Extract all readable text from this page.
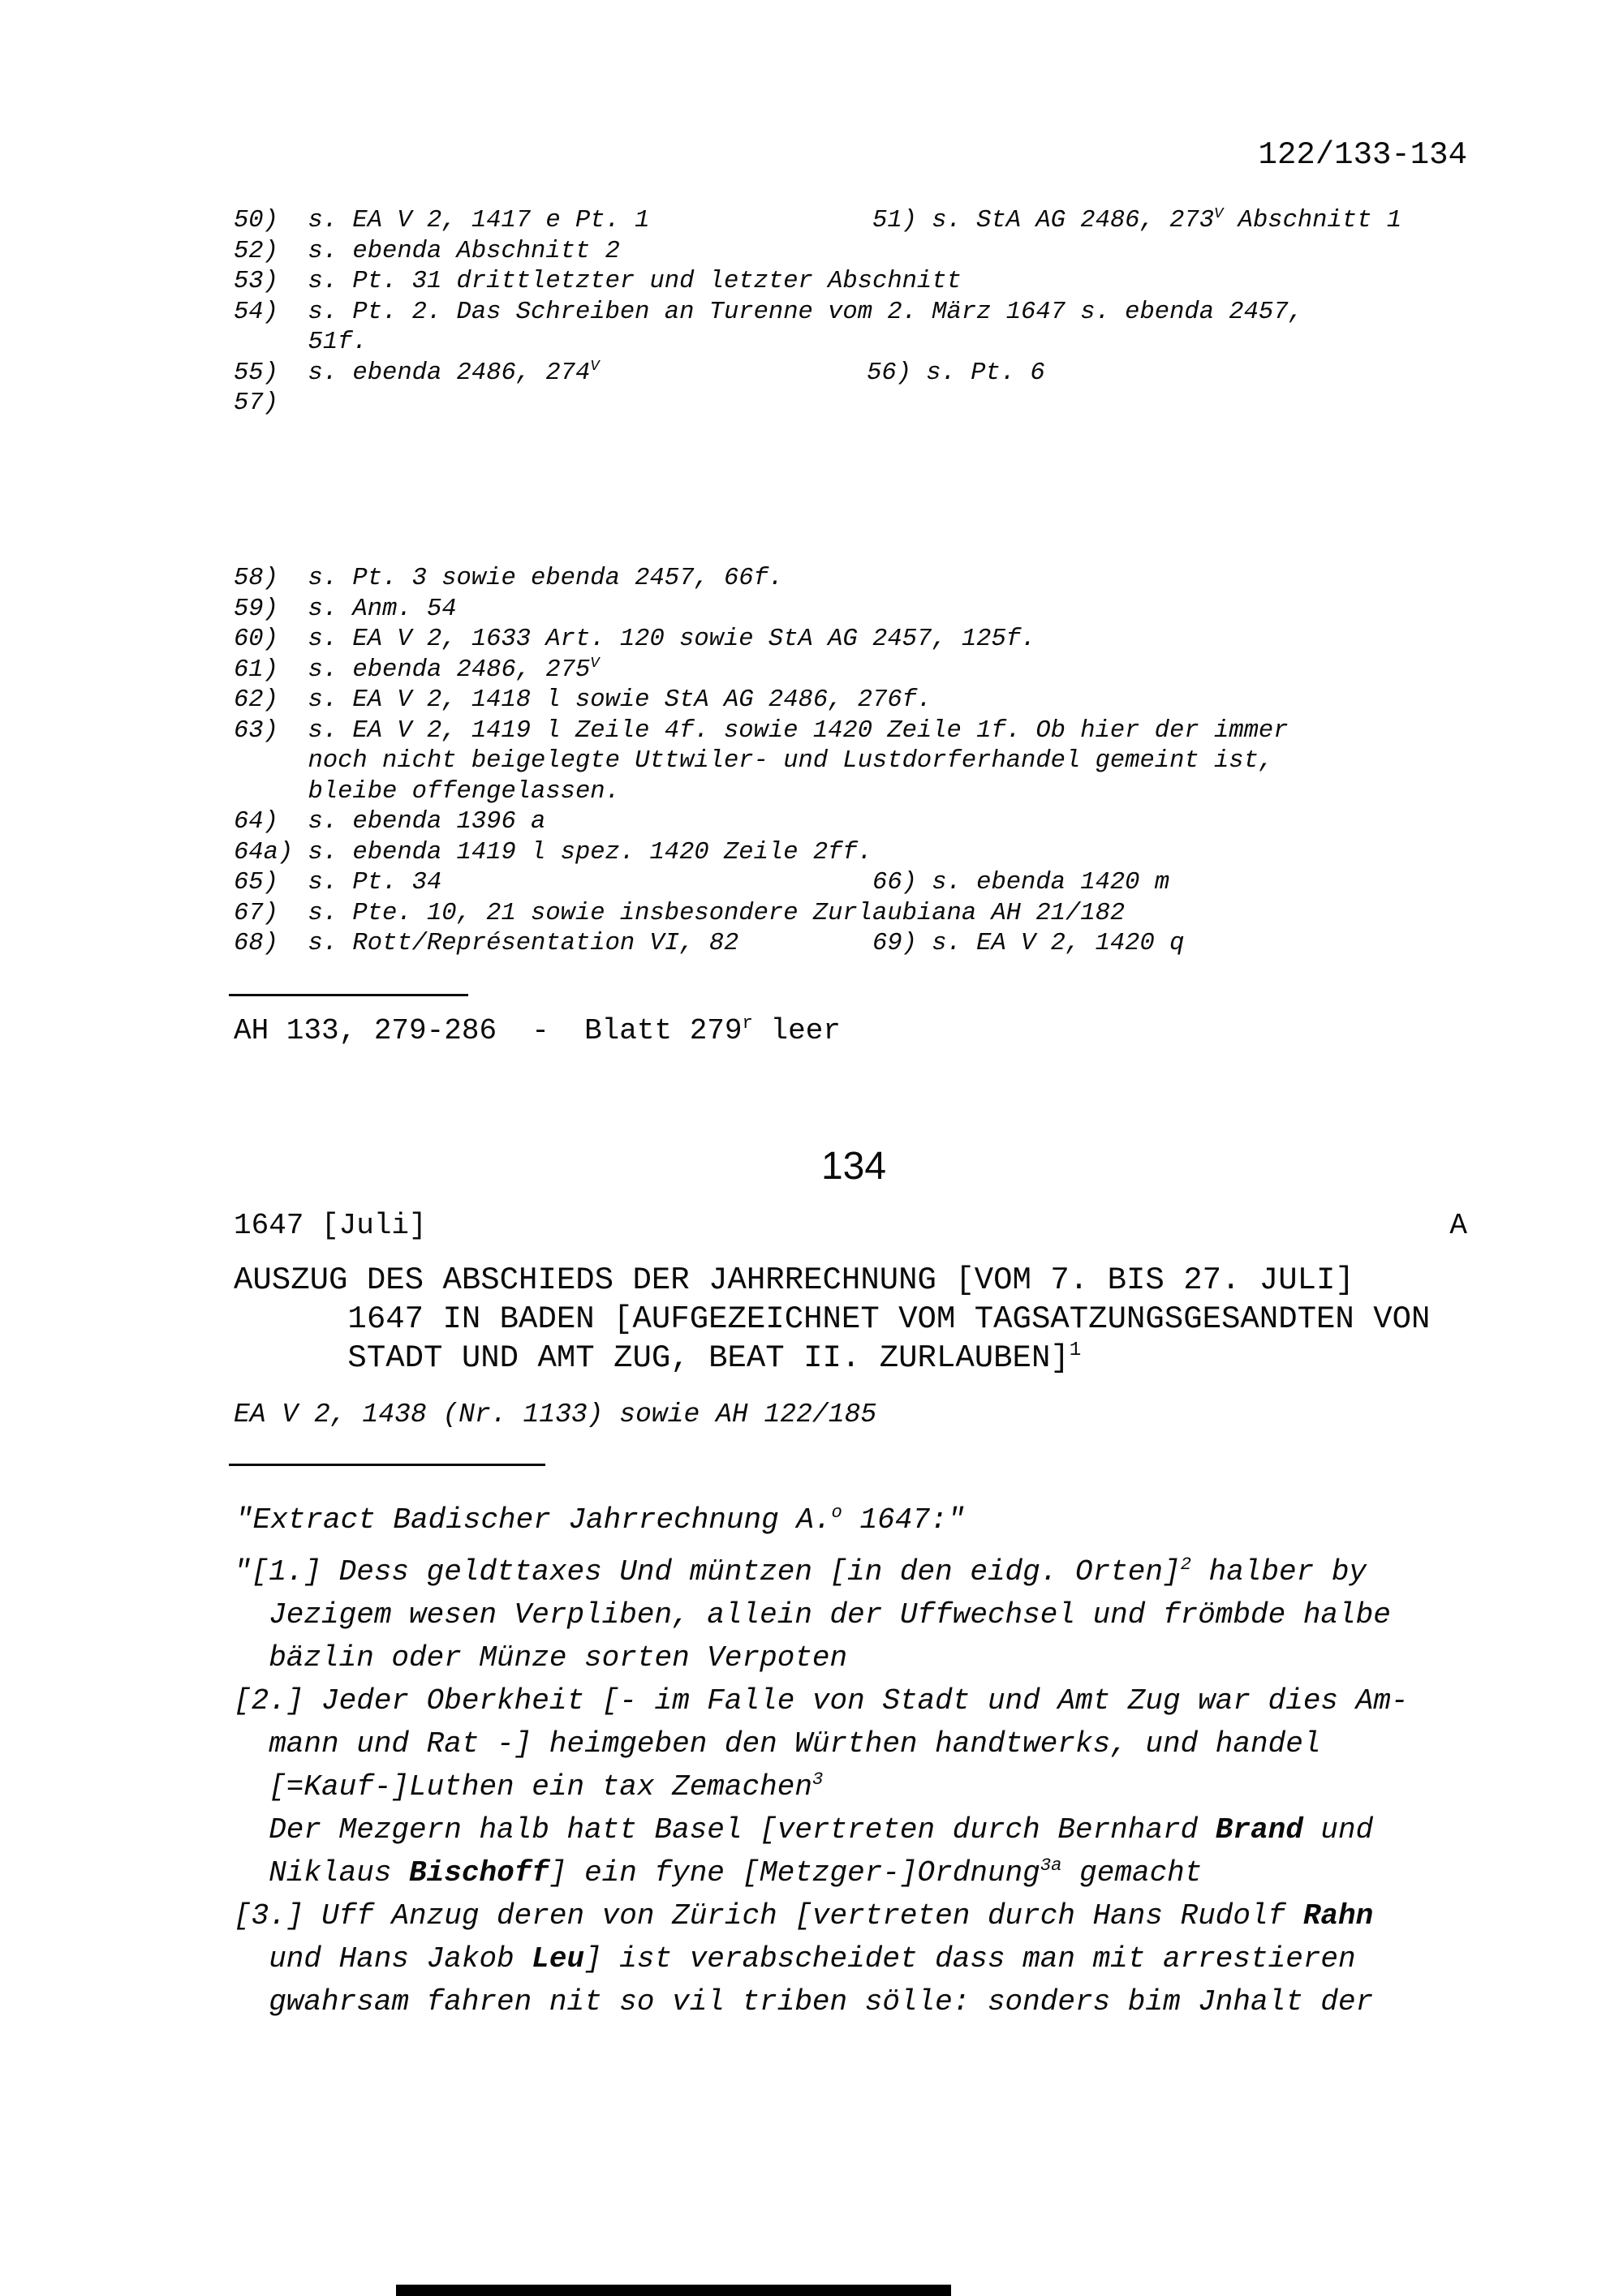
122/133-134
50)  s. EA V 2, 1417 e Pt. 1               51) s. StA AG 2486, $273^V$ Abschnitt 1
52)  s. ebenda Abschnitt 2
53)  s. Pt. 31 drittletzter und letzter Abschnitt
54)  s. Pt. 2. Das Schreiben an Turenne vom 2. März 1647 s. ebenda 2457,
51f.
55)  s. ebenda 2486, $274^V$                  56) s. Pt. 6
57)
58)  s. Pt. 3 sowie ebenda 2457, 66f.
59)  s. Anm. 54
60)  s. EA V 2, 1633 Art. 120 sowie StA AG 2457, 125f.
61)  s. ebenda 2486, $275^V$
62)  s. EA V 2, 1418 l sowie StA AG 2486, 276f.
63)  s. EA V 2, 1419 l Zeile 4f. sowie 1420 Zeile 1f. Ob hier der immer
noch nicht beigelegte Uttwiler- und Lustdorferhandel gemeint ist,
bleibe offengelassen.
64)  s. ebenda 1396 a
64a) s. ebenda 1419 l spez. 1420 Zeile 2ff.
65)  s. Pt. 34                             66) s. ebenda 1420 m
67)  s. Pte. 10, 21 sowie insbesondere Zurlaubiana AH 21/182
68)  s. Rott/Représentation VI, 82         69) s. EA V 2, 1420 q
AH 133, 279-286  -  Blatt 279$^r$ leer
134
1647 [Juli]	A
AUSZUG DES ABSCHIEDS DER JAHRRECHNUNG [VOM 7. BIS 27. JULI]
1647 IN BADEN [AUFGEZEICHNET VOM TAGSATZUNGSGESANDTEN VON
STADT UND AMT ZUG, BEAT II. ZURLAUBEN]$^1$
EA V 2, 1438 (Nr. 1133) sowie AH 122/185
"Extract Badischer Jahrrechnung A.$^o$ 1647:"
"[1.] Dess geldttaxes Und müntzen [in den eidg. Orten]$^2$ halber by
Jezigem wesen Verpliben, allein der Uffwechsel und frömbde halbe
bäzlin oder Münze sorten Verpoten
[2.] Jeder Oberkheit [- im Falle von Stadt und Amt Zug war dies Am-
mann und Rat -] heimgeben den Würthen handtwerks, und handel
[=Kauf-]Luthen ein tax Zemachen$^3$
Der Mezgern halb hatt Basel [vertreten durch Bernhard Brand und
Niklaus Bischoff] ein fyne [Metzger-]Ordnung$^{3a}$ gemacht
[3.] Uff Anzug deren von Zürich [vertreten durch Hans Rudolf Rahn
und Hans Jakob Leu] ist verabscheidet dass man mit arrestieren
gwahrsam fahren nit so vil triben sölle: sonders bim Jnhalt der
